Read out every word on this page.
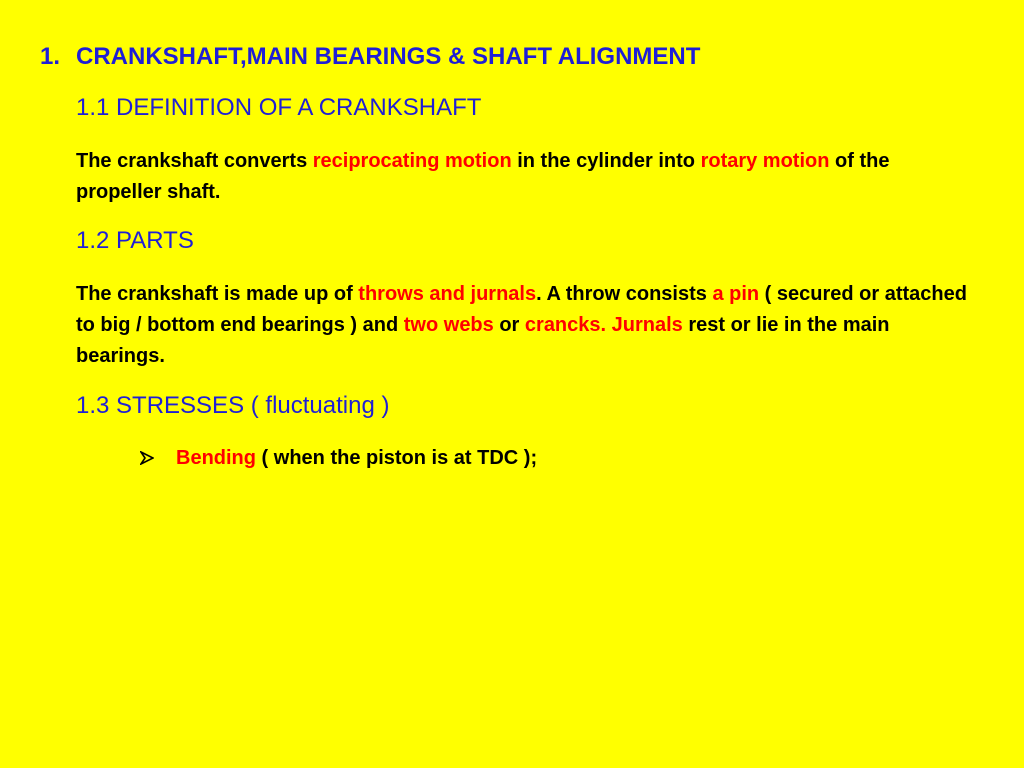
1. CRANKSHAFT,MAIN BEARINGS & SHAFT ALIGNMENT
1.1 DEFINITION OF A CRANKSHAFT
The crankshaft converts reciprocating motion in the cylinder into rotary motion of the propeller shaft.
1.2 PARTS
The crankshaft is made up of throws and jurnals. A throw consists a pin ( secured or attached to big / bottom end bearings ) and two webs or crancks. Jurnals rest or lie in the main bearings.
1.3 STRESSES ( fluctuating )
Bending ( when the piston is at TDC );
